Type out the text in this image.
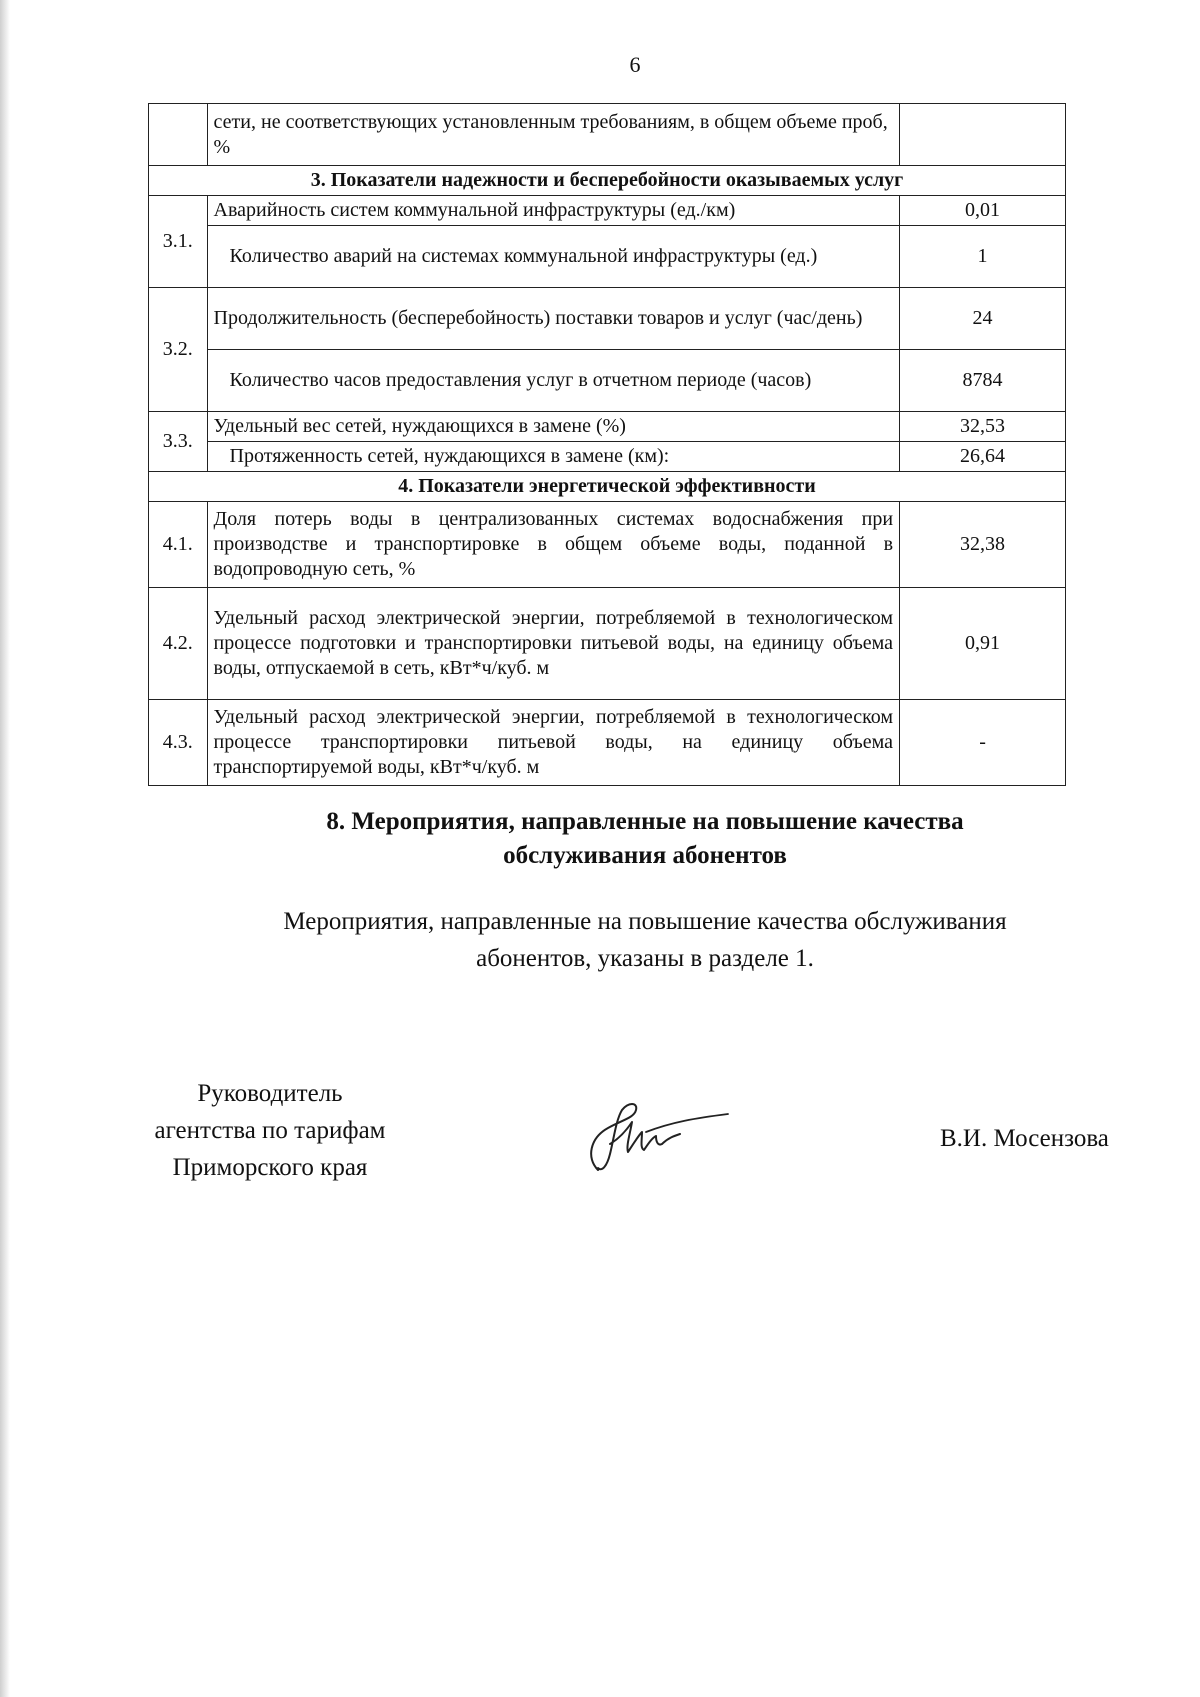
6
	сети, не соответствующих установленным требованиям, в общем объеме проб, %	
3. Показатели надежности и бесперебойности оказываемых услуг		
3.1.	Аварийность систем коммунальной инфраструктуры (ед./км)	0,01
	Количество аварий на системах коммунальной инфраструктуры (ед.)	1
3.2.	Продолжительность (бесперебойность) поставки товаров и услуг (час/день)	24
	Количество часов предоставления услуг в отчетном периоде (часов)	8784
3.3.	Удельный вес сетей, нуждающихся в замене (%)	32,53
	Протяженность сетей, нуждающихся в замене (км):	26,64
4. Показатели энергетической эффективности		
4.1.	Доля потерь воды в централизованных системах водоснабжения при производстве и транспортировке в общем объеме воды, поданной в водопроводную сеть, %	32,38
4.2.	Удельный расход электрической энергии, потребляемой в технологическом процессе подготовки и транспортировки питьевой воды, на единицу объема воды, отпускаемой в сеть, кВт*ч/куб. м	0,91
4.3.	Удельный расход электрической энергии, потребляемой в технологическом процессе транспортировки питьевой воды, на единицу объема транспортируемой воды, кВт*ч/куб. м	-
8. Мероприятия, направленные на повышение качества
обслуживания абонентов
Мероприятия, направленные на повышение качества обслуживания
абонентов, указаны в разделе 1.
Руководитель
агентства по тарифам
Приморского края
В.И. Мосензова
